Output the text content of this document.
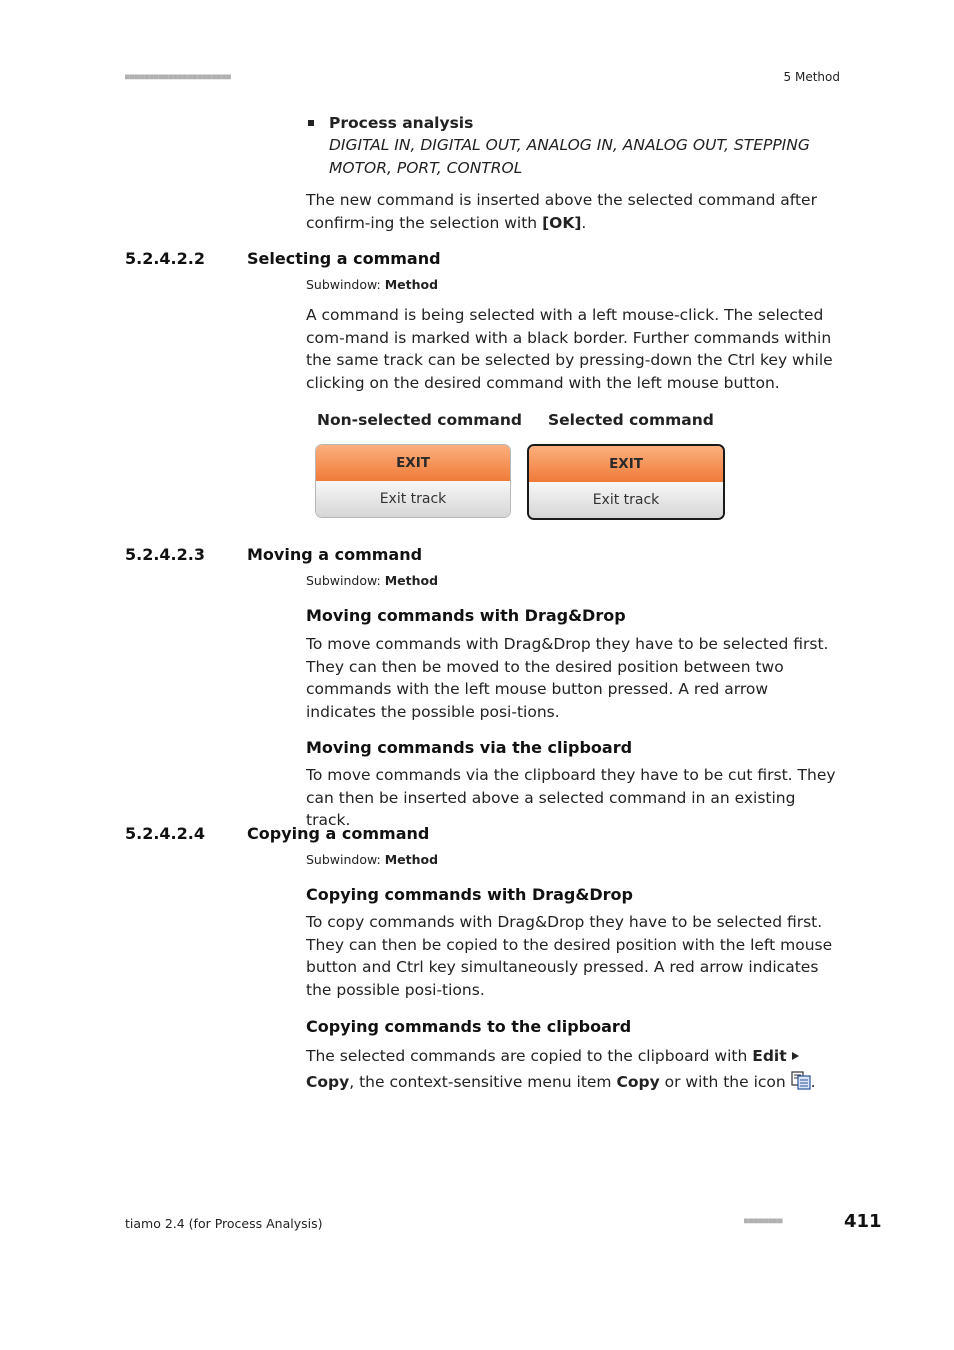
■■■■■■■■■■■■■■■■■■■■■■	5 Method
Process analysis
DIGITAL IN, DIGITAL OUT, ANALOG IN, ANALOG OUT, STEPPING MOTOR, PORT, CONTROL
The new command is inserted above the selected command after confirm-ing the selection with [OK].
5.2.4.2.2	Selecting a command
Subwindow: Method
A command is being selected with a left mouse-click. The selected com-mand is marked with a black border. Further commands within the same track can be selected by pressing-down the Ctrl key while clicking on the desired command with the left mouse button.
Non-selected command Selected command
EXIT
Exit track
EXIT
Exit track
5.2.4.2.3	Moving a command
Subwindow: Method
Moving commands with Drag&Drop
To move commands with Drag&Drop they have to be selected first. They can then be moved to the desired position between two commands with the left mouse button pressed. A red arrow indicates the possible posi-tions.
Moving commands via the clipboard
To move commands via the clipboard they have to be cut first. They can then be inserted above a selected command in an existing track.
5.2.4.2.4	Copying a command
Subwindow: Method
Copying commands with Drag&Drop
To copy commands with Drag&Drop they have to be selected first. They can then be copied to the desired position with the left mouse button and Ctrl key simultaneously pressed. A red arrow indicates the possible posi-tions.
Copying commands to the clipboard
The selected commands are copied to the clipboard with EditCopy, the context-sensitive menu item Copy or with the icon .
tiamo 2.4 (for Process Analysis)	■■■■■■■■	411
